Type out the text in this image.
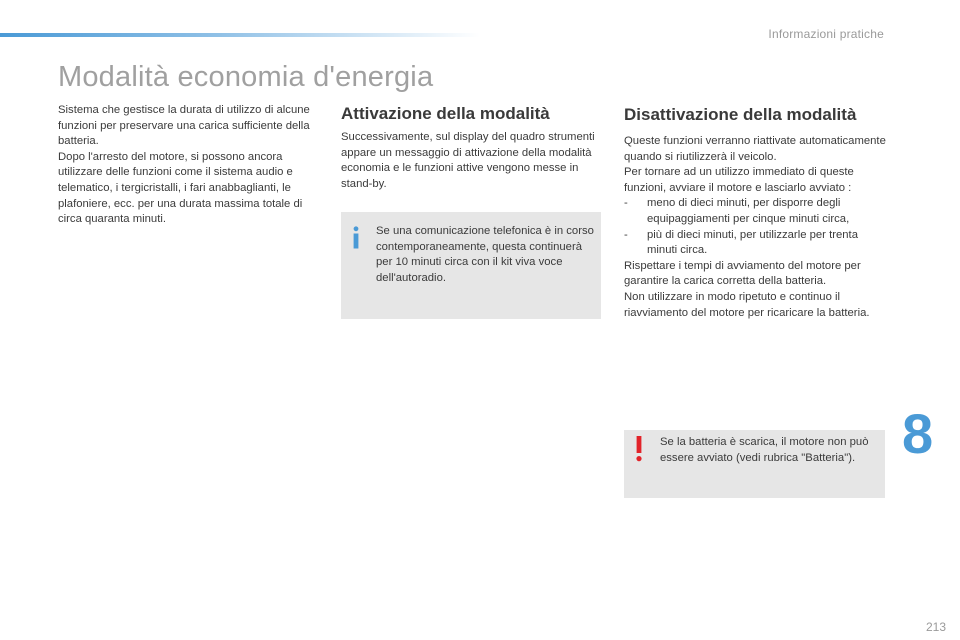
Informazioni pratiche
Modalità economia d'energia

Sistema che gestisce la durata di utilizzo di alcune funzioni per preservare una carica sufficiente della batteria.

Dopo l'arresto del motore, si possono ancora utilizzare delle funzioni come il sistema audio e telematico, i tergicristalli, i fari anabbaglianti, le plafoniere, ecc. per una durata massima totale di circa quaranta minuti.

Attivazione della modalità

Successivamente, sul display del quadro strumenti appare un messaggio di attivazione della modalità economia e le funzioni attive vengono messe in stand-by.

Se una comunicazione telefonica è in corso contemporaneamente, questa continuerà per 10 minuti circa con il kit viva voce dell'autoradio.
Disattivazione della modalità

Queste funzioni verranno riattivate automaticamente quando si riutilizzerà il veicolo.

Per tornare ad un utilizzo immediato di queste funzioni, avviare il motore e lasciarlo avviato :

- meno di dieci minuti, per disporre degli equipaggiamenti per cinque minuti circa,
- più di dieci minuti, per utilizzarle per trenta minuti circa.

Rispettare i tempi di avviamento del motore per garantire la carica corretta della batteria.

Non utilizzare in modo ripetuto e continuo il riavviamento del motore per ricaricare la batteria.

Se la batteria è scarica, il motore non può essere avviato (vedi rubrica "Batteria"). 8
213
